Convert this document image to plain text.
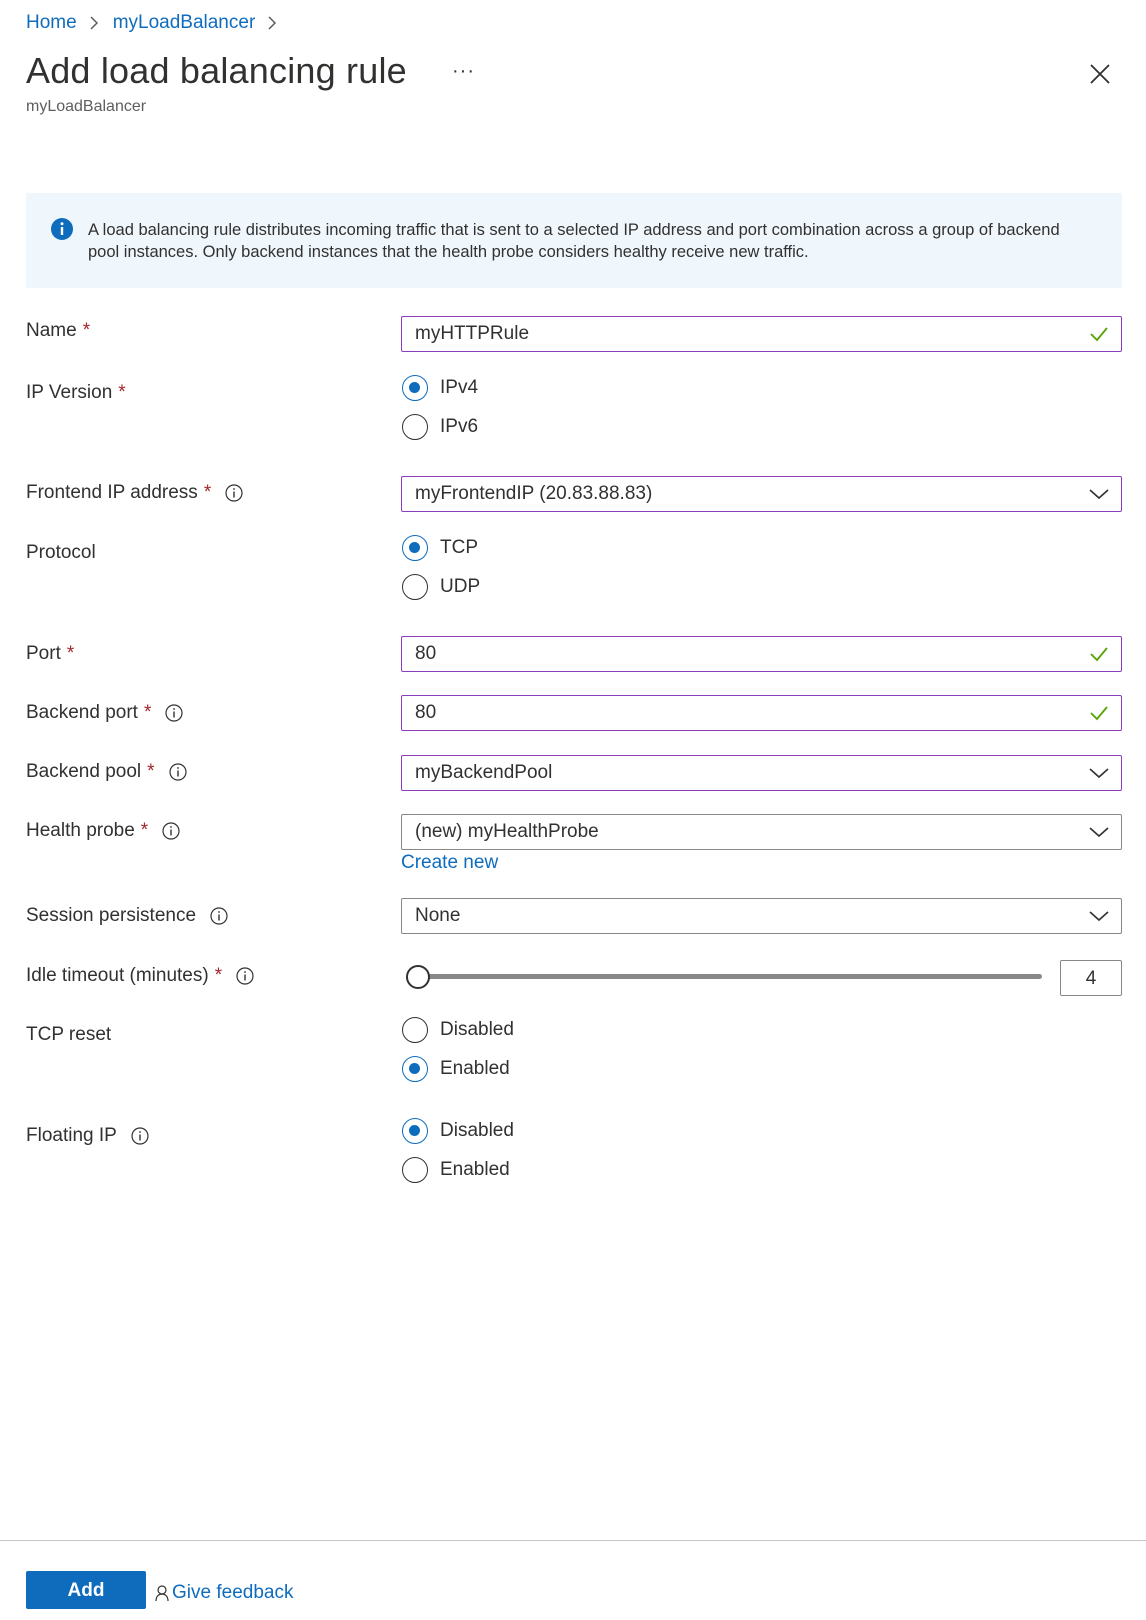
Home myLoadBalancer
Add load balancing rule ···
myLoadBalancer
A load balancing rule distributes incoming traffic that is sent to a selected IP address and port combination across a group of backend pool instances. Only backend instances that the health probe considers healthy receive new traffic.
Name *	myHTTPRule
IP Version *	IPv4
IPv6
Frontend IP address *	myFrontendIP (20.83.88.83)
Protocol	TCP
UDP
Port *	80
Backend port *	80
Backend pool *	myBackendPool
Health probe *	(new) myHealthProbe
Create new
Session persistence	None
Idle timeout (minutes) *	4
TCP reset	Disabled
Enabled
Floating IP	Disabled
Enabled
Add	Give feedback
